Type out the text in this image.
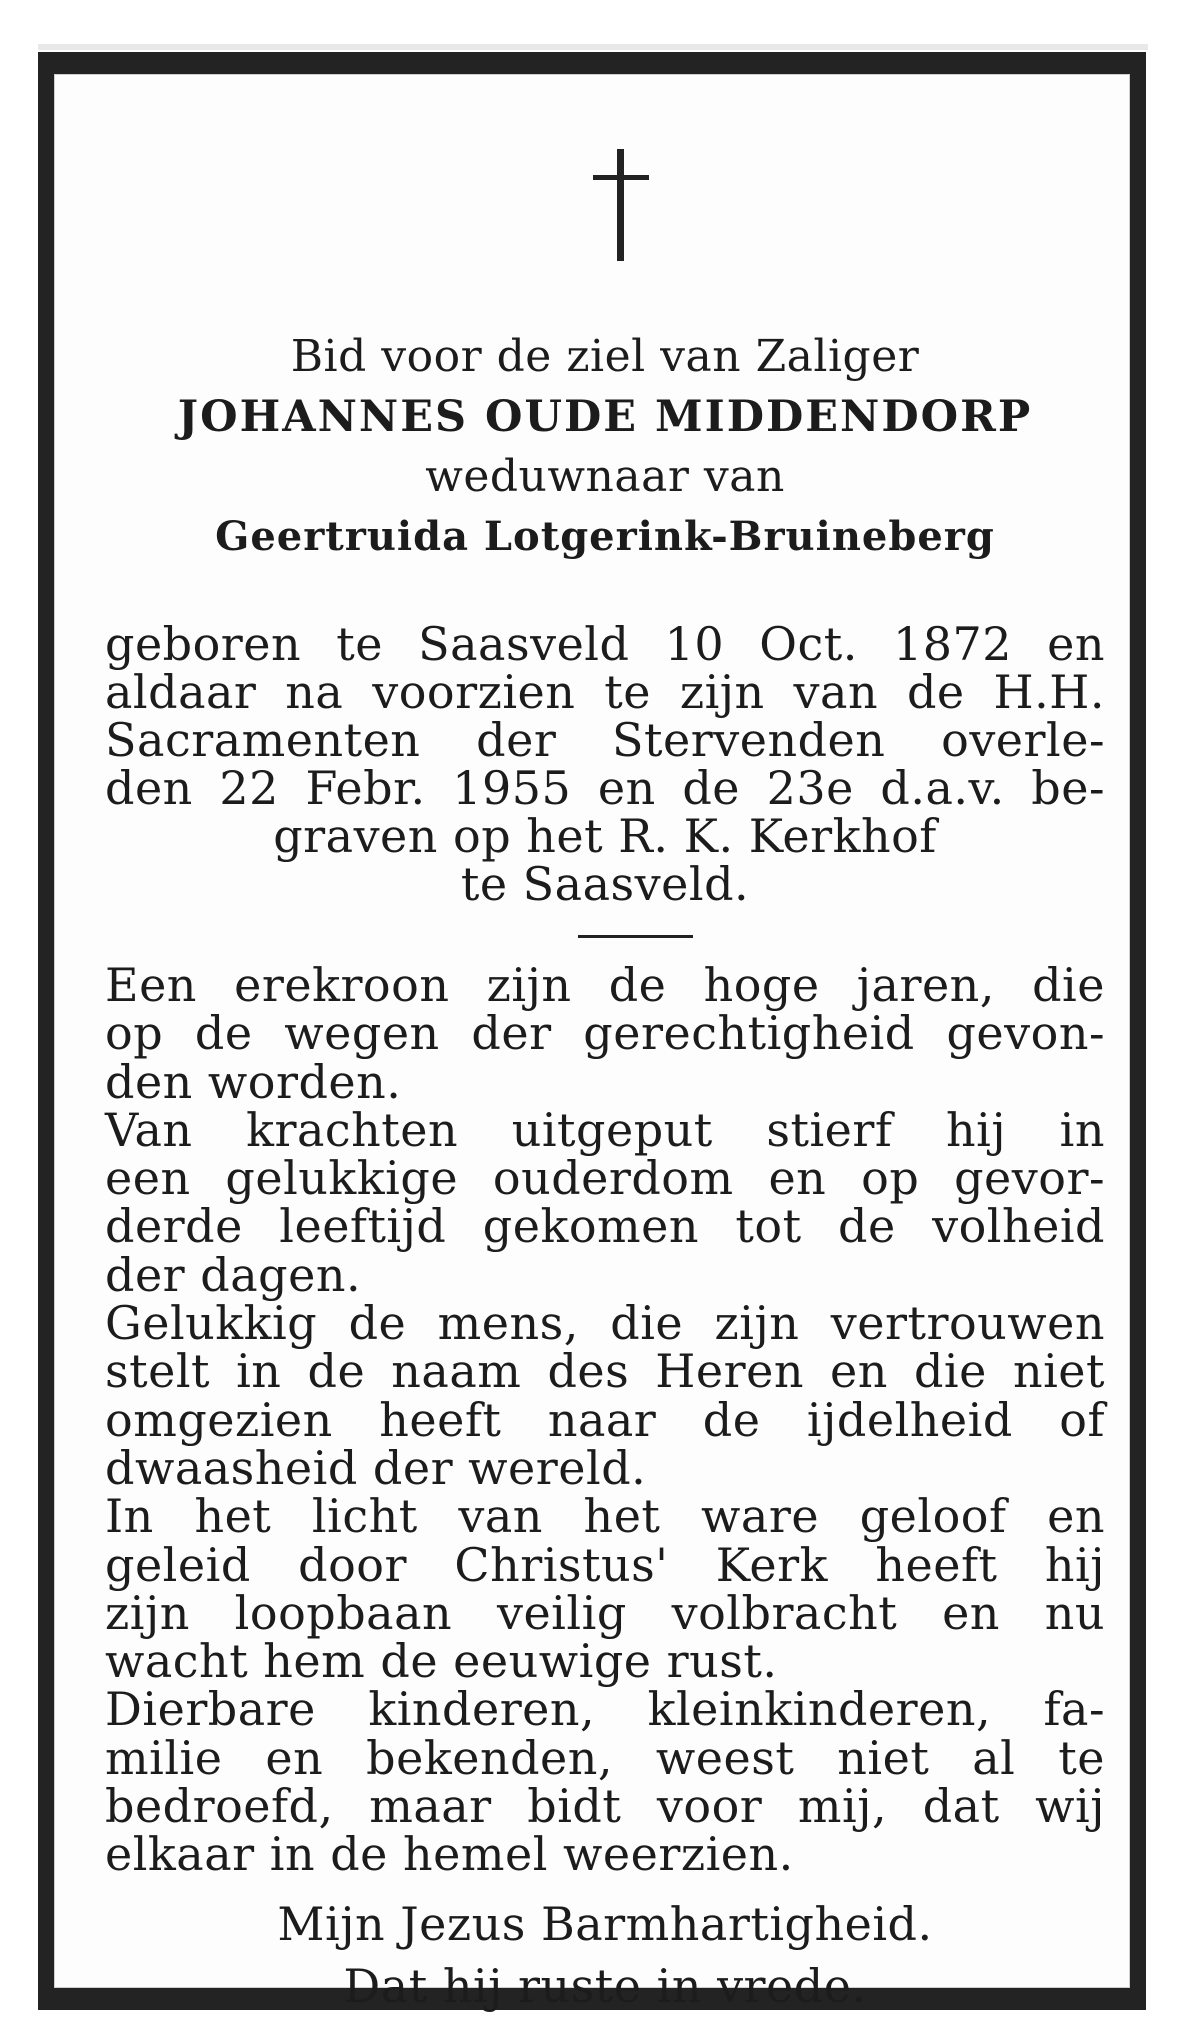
Bid voor de ziel van Zaliger
JOHANNES OUDE MIDDENDORP
weduwnaar van
Geertruida Lotgerink-Bruineberg
geboren te Saasveld 10 Oct. 1872 en
aldaar na voorzien te zijn van de H.H.
Sacramenten der Stervenden overle-
den 22 Febr. 1955 en de 23e d.a.v. be-
graven op het R. K. Kerkhof
te Saasveld.
Een erekroon zijn de hoge jaren, die
op de wegen der gerechtigheid gevon-
den worden.
Van krachten uitgeput stierf hij in
een gelukkige ouderdom en op gevor-
derde leeftijd gekomen tot de volheid
der dagen.
Gelukkig de mens, die zijn vertrouwen
stelt in de naam des Heren en die niet
omgezien heeft naar de ijdelheid of
dwaasheid der wereld.
In het licht van het ware geloof en
geleid door Christus' Kerk heeft hij
zijn loopbaan veilig volbracht en nu
wacht hem de eeuwige rust.
Dierbare kinderen, kleinkinderen, fa-
milie en bekenden, weest niet al te
bedroefd, maar bidt voor mij, dat wij
elkaar in de hemel weerzien.
Mijn Jezus Barmhartigheid.
Dat hij ruste in vrede.
